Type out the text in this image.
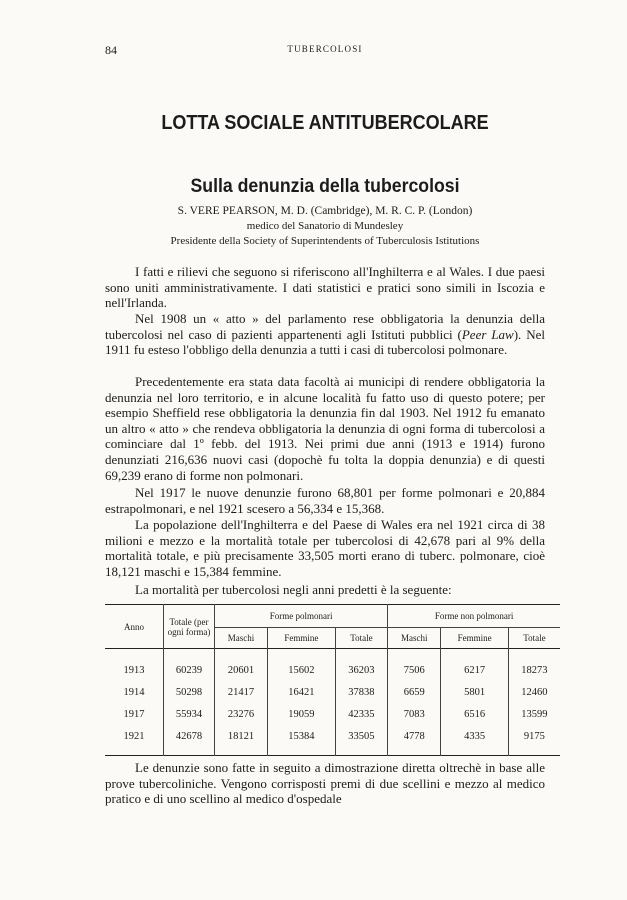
84	TUBERCOLOSI
LOTTA SOCIALE ANTITUBERCOLARE
Sulla denunzia della tubercolosi
S. VERE PEARSON, M. D. (Cambridge), M. R. C. P. (London)
medico del Sanatorio di Mundesley
Presidente della Society of Superintendents of Tuberculosis Istitutions

I fatti e rilievi che seguono si riferiscono all'Inghilterra e al Wales. I due paesi sono uniti amministrativamente. I dati statistici e pratici sono simili in Iscozia e nell'Irlanda.

Nel 1908 un « atto » del parlamento rese obbligatoria la denunzia della tubercolosi nel caso di pazienti appartenenti agli Istituti pubblici (Peer Law). Nel 1911 fu esteso l'obbligo della denunzia a tutti i casi di tubercolosi polmonare.

Precedentemente era stata data facoltà ai municipi di rendere obbligatoria la denunzia nel loro territorio, e in alcune località fu fatto uso di questo potere; per esempio Sheffield rese obbligatoria la denunzia fin dal 1903. Nel 1912 fu emanato un altro « atto » che rendeva obbligatoria la denunzia di ogni forma di tubercolosi a cominciare dal 1º febb. del 1913. Nei primi due anni (1913 e 1914) furono denunziati 216,636 nuovi casi (dopochè fu tolta la doppia denunzia) e di questi 69,239 erano di forme non polmonari.

Nel 1917 le nuove denunzie furono 68,801 per forme polmonari e 20,884 estrapolmonari, e nel 1921 scesero a 56,334 e 15,368.

La popolazione dell'Inghilterra e del Paese di Wales era nel 1921 circa di 38 milioni e mezzo e la mortalità totale per tubercolosi di 42,678 pari al 9% della mortalità totale, e più precisamente 33,505 morti erano di tuberc. polmonare, cioè 18,121 maschi e 15,384 femmine.

La mortalità per tubercolosi negli anni predetti è la seguente:

Anno	Totale (per ogni forma)	Forme polmonari			Forme non polmonari		
		Maschi	Femmine	Totale	Maschi	Femmine	Totale
1913	60239	20601	15602	36203	7506	6217	18273
1914	50298	21417	16421	37838	6659	5801	12460
1917	55934	23276	19059	42335	7083	6516	13599
1921	42678	18121	15384	33505	4778	4335	9175

Le denunzie sono fatte in seguito a dimostrazione diretta oltrechè in base alle prove tubercoliniche. Vengono corrisposti premi di due scellini e mezzo al medico pratico e di uno scellino al medico d'ospedale
